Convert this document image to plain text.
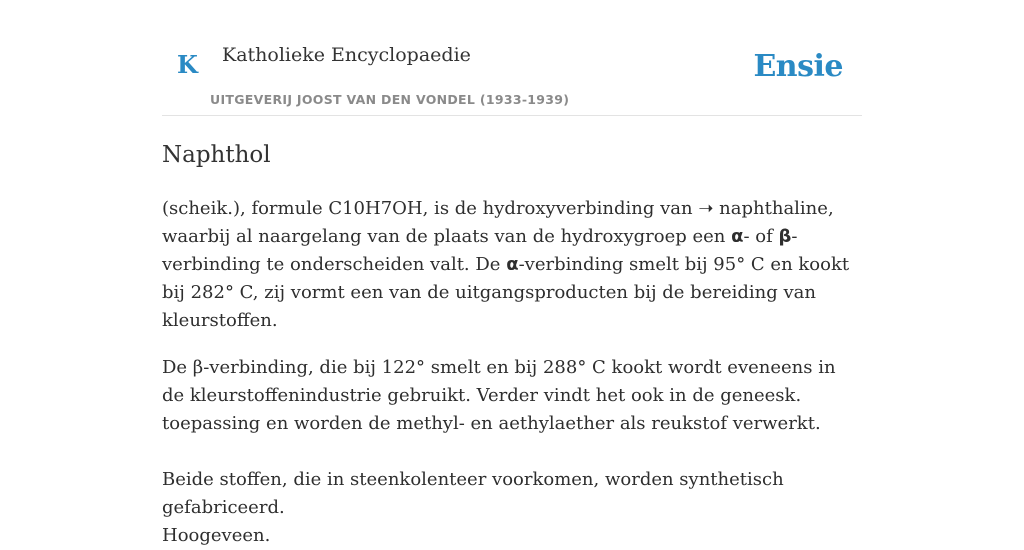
K Katholieke Encyclopaedie
UITGEVERIJ JOOST VAN DEN VONDEL (1933-1939)
Ensie
Naphthol

(scheik.), formule C10H7OH, is de hydroxyverbinding van ➝ naphthaline, waarbij al naargelang van de plaats van de hydroxygroep een α- of β-verbinding te onderscheiden valt. De α-verbinding smelt bij 95° C en kookt bij 282° C, zij vormt een van de uitgangsproducten bij de bereiding van kleurstoffen.

De β-verbinding, die bij 122° smelt en bij 288° C kookt wordt eveneens in de kleurstoffenindustrie gebruikt. Verder vindt het ook in de geneesk. toepassing en worden de methyl- en aethylaether als reukstof verwerkt.

Beide stoffen, die in steenkolenteer voorkomen, worden synthetisch gefabriceerd.
Hoogeveen.
